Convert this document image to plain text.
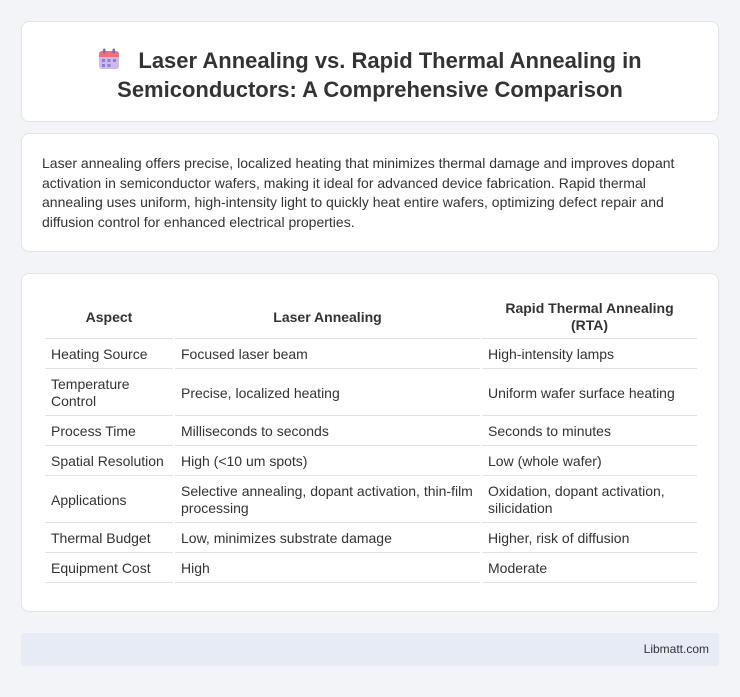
Laser Annealing vs. Rapid Thermal Annealing in Semiconductors: A Comprehensive Comparison

Laser annealing offers precise, localized heating that minimizes thermal damage and improves dopant activation in semiconductor wafers, making it ideal for advanced device fabrication. Rapid thermal annealing uses uniform, high-intensity light to quickly heat entire wafers, optimizing defect repair and diffusion control for enhanced electrical properties.

Aspect	Laser Annealing	Rapid Thermal Annealing (RTA)
Heating Source	Focused laser beam	High-intensity lamps
Temperature Control	Precise, localized heating	Uniform wafer surface heating
Process Time	Milliseconds to seconds	Seconds to minutes
Spatial Resolution	High (<10 um spots)	Low (whole wafer)
Applications	Selective annealing, dopant activation, thin-film processing	Oxidation, dopant activation, silicidation
Thermal Budget	Low, minimizes substrate damage	Higher, risk of diffusion
Equipment Cost	High	Moderate
Libmatt.com
